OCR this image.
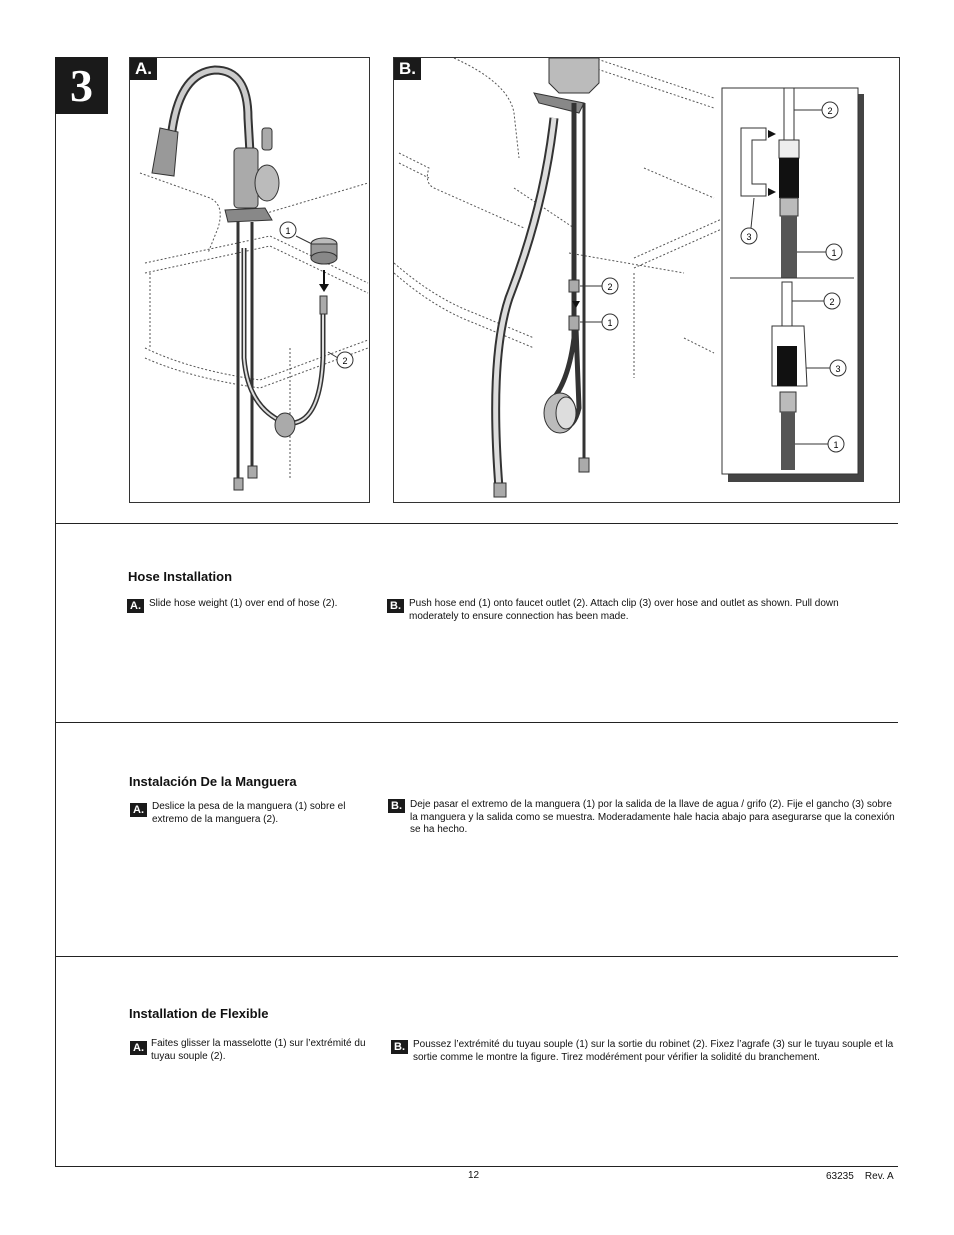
3
1
2
A.
2
1
2
3
1
2
3
1
B.
Hose Installation
A. Slide hose weight (1) over end of hose (2).	B. Push hose end (1) onto faucet outlet (2). Attach clip (3) over hose and outlet as shown. Pull down moderately to ensure connection has been made.
Instalación De la Manguera
A. Deslice la pesa de la manguera (1) sobre el extremo de la manguera (2).
B. Deje pasar el extremo de la manguera (1) por la salida de la llave de agua / grifo (2). Fije el gancho (3) sobre la manguera y la salida como se muestra. Moderadamente hale hacia abajo para asegurarse que la conexión se ha hecho.
Installation de Flexible
A. Faites glisser la masselotte (1) sur l’extrémité du tuyau souple (2).
B. Poussez l’extrémité du tuyau souple (1) sur la sortie du robinet (2). Fixez l’agrafe (3) sur le tuyau souple et la sortie comme le montre la figure. Tirez modérément pour vérifier la solidité du branchement.
12	63235    Rev. A
